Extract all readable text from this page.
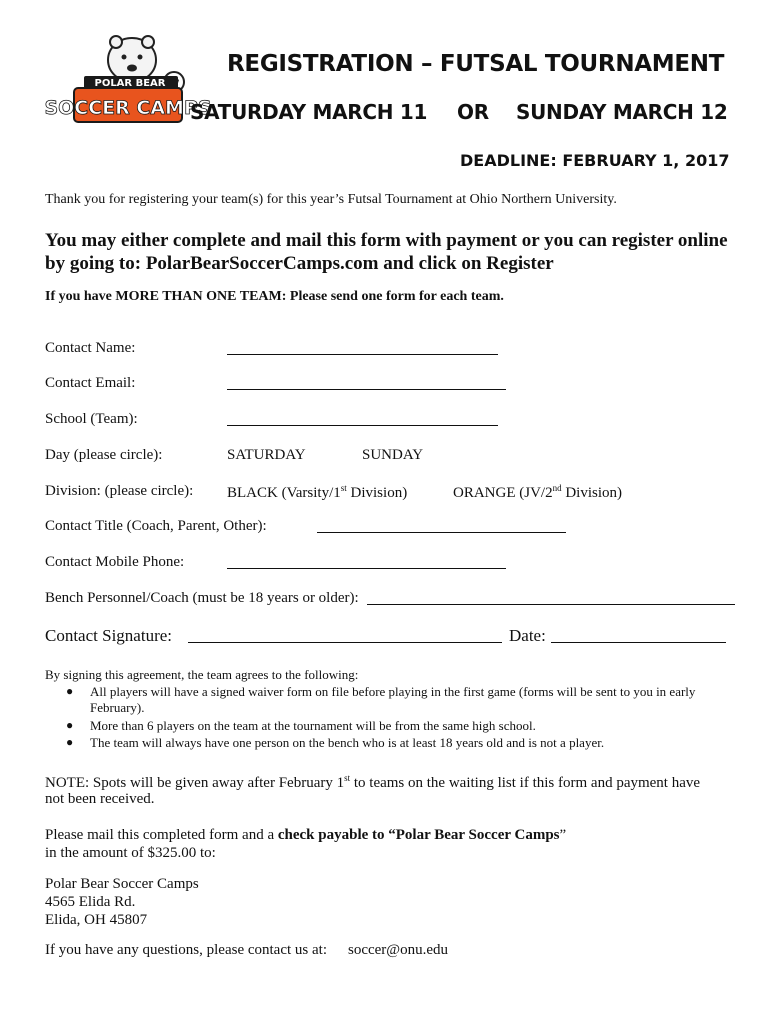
POLAR BEAR
SOCCER CAMPS
REGISTRATION – FUTSAL TOURNAMENT
SATURDAY MARCH 11 OR SUNDAY MARCH 12
DEADLINE: FEBRUARY 1, 2017
Thank you for registering your team(s) for this year’s Futsal Tournament at Ohio Northern University.
You may either complete and mail this form with payment or you can register online
by going to: PolarBearSoccerCamps.com and click on Register
If you have MORE THAN ONE TEAM: Please send one form for each team.
Contact Name:
Contact Email:
School (Team):
Day (please circle):	SATURDAY	SUNDAY
Division: (please circle): BLACK (Varsity/1st Division)	ORANGE (JV/2nd Division)
Contact Title (Coach, Parent, Other):
Contact Mobile Phone:
Bench Personnel/Coach (must be 18 years or older):
Contact Signature:	Date:
By signing this agreement, the team agrees to the following:
● All players will have a signed waiver form on file before playing in the first game (forms will be sent to you in early
February).
● More than 6 players on the team at the tournament will be from the same high school.
● The team will always have one person on the bench who is at least 18 years old and is not a player.
NOTE: Spots will be given away after February 1st to teams on the waiting list if this form and payment have
not been received.
Please mail this completed form and a check payable to “Polar Bear Soccer Camps”
in the amount of $325.00 to:
Polar Bear Soccer Camps
4565 Elida Rd.
Elida, OH 45807
If you have any questions, please contact us at: soccer@onu.edu
